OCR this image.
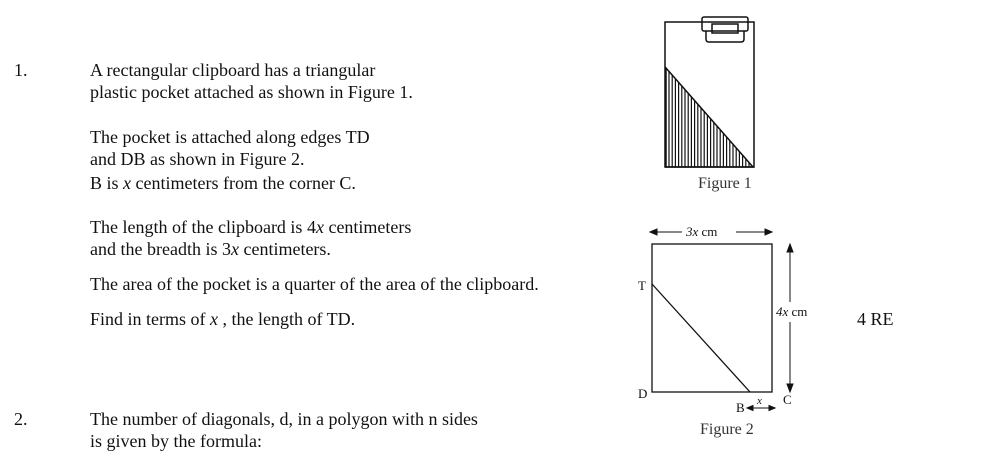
1.	A rectangular clipboard has a triangular
plastic pocket attached as shown in Figure 1.
The pocket is attached along edges TD
and DB as shown in Figure 2.
B is x centimeters from the corner C.
The length of the clipboard is 4x centimeters
and the breadth is 3x centimeters.
The area of the pocket is a quarter of the area of the clipboard.
Find in terms of x , the length of TD.	4 RE
Figure 1
3x cm
4x cm
T
D
B
C
x
Figure 2
2.	The number of diagonals, d, in a polygon with n sides
is given by the formula:
